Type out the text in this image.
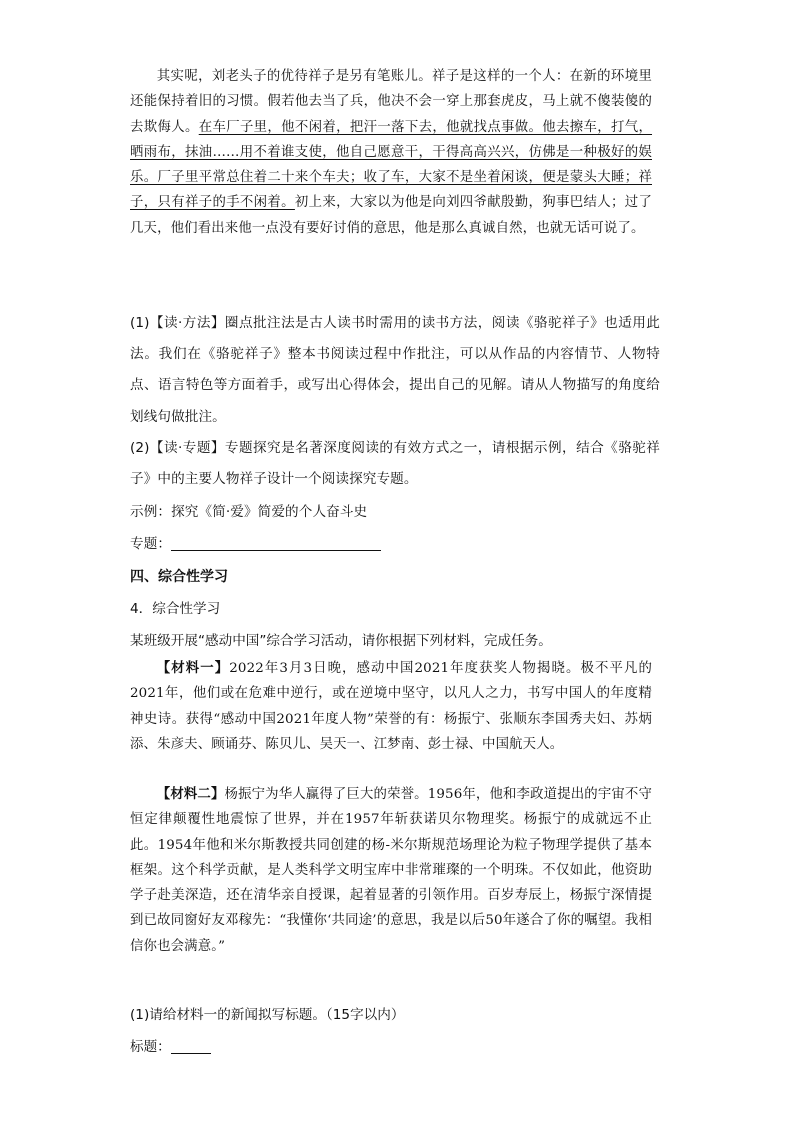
其实呢，刘老头子的优待祥子是另有笔账儿。祥子是这样的一个人：在新的环境里还能保持着旧的习惯。假若他去当了兵，他决不会一穿上那套虎皮，马上就不傻装傻的去欺侮人。在车厂子里，他不闲着，把汗一落下去，他就找点事做。他去擦车，打气，晒雨布，抹油……用不着谁支使，他自己愿意干，干得高高兴兴，仿佛是一种极好的娱乐。厂子里平常总住着二十来个车夫；收了车，大家不是坐着闲谈，便是蒙头大睡；祥子，只有祥子的手不闲着。初上来，大家以为他是向刘四爷献殷勤，狗事巴结人；过了几天，他们看出来他一点没有要好讨俏的意思，他是那么真诚自然，也就无话可说了。

(1)【读·方法】圈点批注法是古人读书时需用的读书方法，阅读《骆驼祥子》也适用此法。我们在《骆驼祥子》整本书阅读过程中作批注，可以从作品的内容情节、人物特点、语言特色等方面着手，或写出心得体会，提出自己的见解。请从人物描写的角度给划线句做批注。

(2)【读·专题】专题探究是名著深度阅读的有效方式之一，请根据示例，结合《骆驼祥子》中的主要人物祥子设计一个阅读探究专题。

示例：探究《简·爱》简爱的个人奋斗史

专题：

四、综合性学习
4．综合性学习
某班级开展“感动中国”综合学习活动，请你根据下列材料，完成任务。

【材料一】2022年3月3日晚，感动中国2021年度获奖人物揭晓。极不平凡的2021年，他们或在危难中逆行，或在逆境中坚守，以凡人之力，书写中国人的年度精神史诗。获得“感动中国2021年度人物”荣誉的有：杨振宁、张顺东李国秀夫妇、苏炳添、朱彦夫、顾诵芬、陈贝儿、吴天一、江梦南、彭士禄、中国航天人。

【材料二】杨振宁为华人赢得了巨大的荣誉。1956年，他和李政道提出的宇宙不守恒定律颠覆性地震惊了世界，并在1957年斩获诺贝尔物理奖。杨振宁的成就远不止此。1954年他和米尔斯教授共同创建的杨-米尔斯规范场理论为粒子物理学提供了基本框架。这个科学贡献，是人类科学文明宝库中非常璀璨的一个明珠。不仅如此，他资助学子赴美深造，还在清华亲自授课，起着显著的引领作用。百岁寿辰上，杨振宁深情提到已故同窗好友邓稼先：“我懂你‘共同途’的意思，我是以后50年遂合了你的嘱望。我相信你也会满意。”

(1)请给材料一的新闻拟写标题。（15字以内）
标题：
